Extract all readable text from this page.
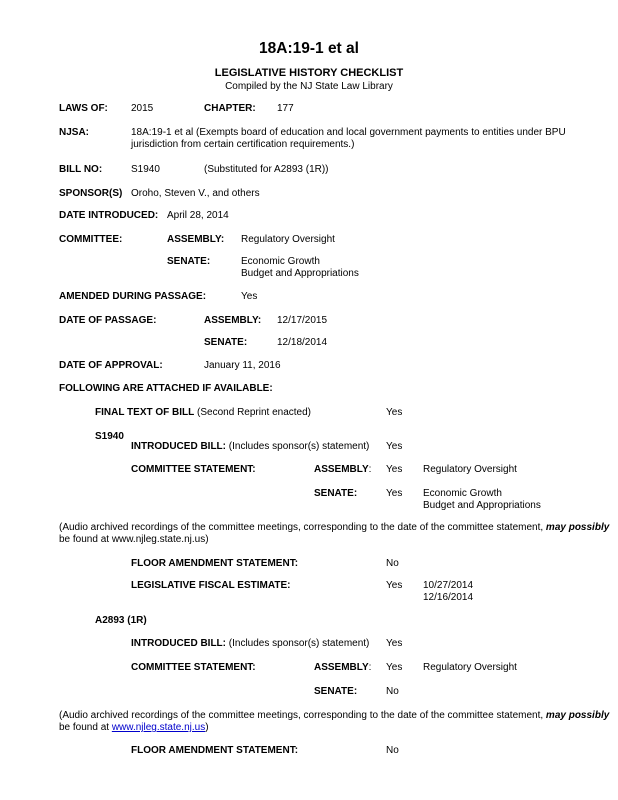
18A:19-1 et al
LEGISLATIVE HISTORY CHECKLIST
Compiled by the NJ State Law Library
LAWS OF: 2015	CHAPTER: 177
NJSA:	18A:19-1 et al (Exempts board of education and local government payments to entities under BPU
jurisdiction from certain certification requirements.)
BILL NO:	S1940	(Substituted for A2893 (1R))
SPONSOR(S) Oroho, Steven V., and others
DATE INTRODUCED: April 28, 2014
COMMITTEE:	ASSEMBLY: Regulatory Oversight
SENATE:	Economic Growth
Budget and Appropriations
AMENDED DURING PASSAGE:	Yes
DATE OF PASSAGE:	ASSEMBLY: 12/17/2015
SENATE:	12/18/2014
DATE OF APPROVAL:	January 11, 2016
FOLLOWING ARE ATTACHED IF AVAILABLE:
FINAL TEXT OF BILL (Second Reprint enacted)	Yes
S1940
INTRODUCED BILL: (Includes sponsor(s) statement) Yes
COMMITTEE STATEMENT:	ASSEMBLY: Yes Regulatory Oversight
SENATE:	Yes Economic Growth
Budget and Appropriations
(Audio archived recordings of the committee meetings, corresponding to the date of the committee statement, may possibly
be found at www.njleg.state.nj.us)
FLOOR AMENDMENT STATEMENT:	No
LEGISLATIVE FISCAL ESTIMATE:	Yes 10/27/2014
12/16/2014
A2893 (1R)
INTRODUCED BILL: (Includes sponsor(s) statement) Yes
COMMITTEE STATEMENT:	ASSEMBLY: Yes Regulatory Oversight
SENATE:	No
(Audio archived recordings of the committee meetings, corresponding to the date of the committee statement, may possibly
be found at www.njleg.state.nj.us)
FLOOR AMENDMENT STATEMENT:	No
